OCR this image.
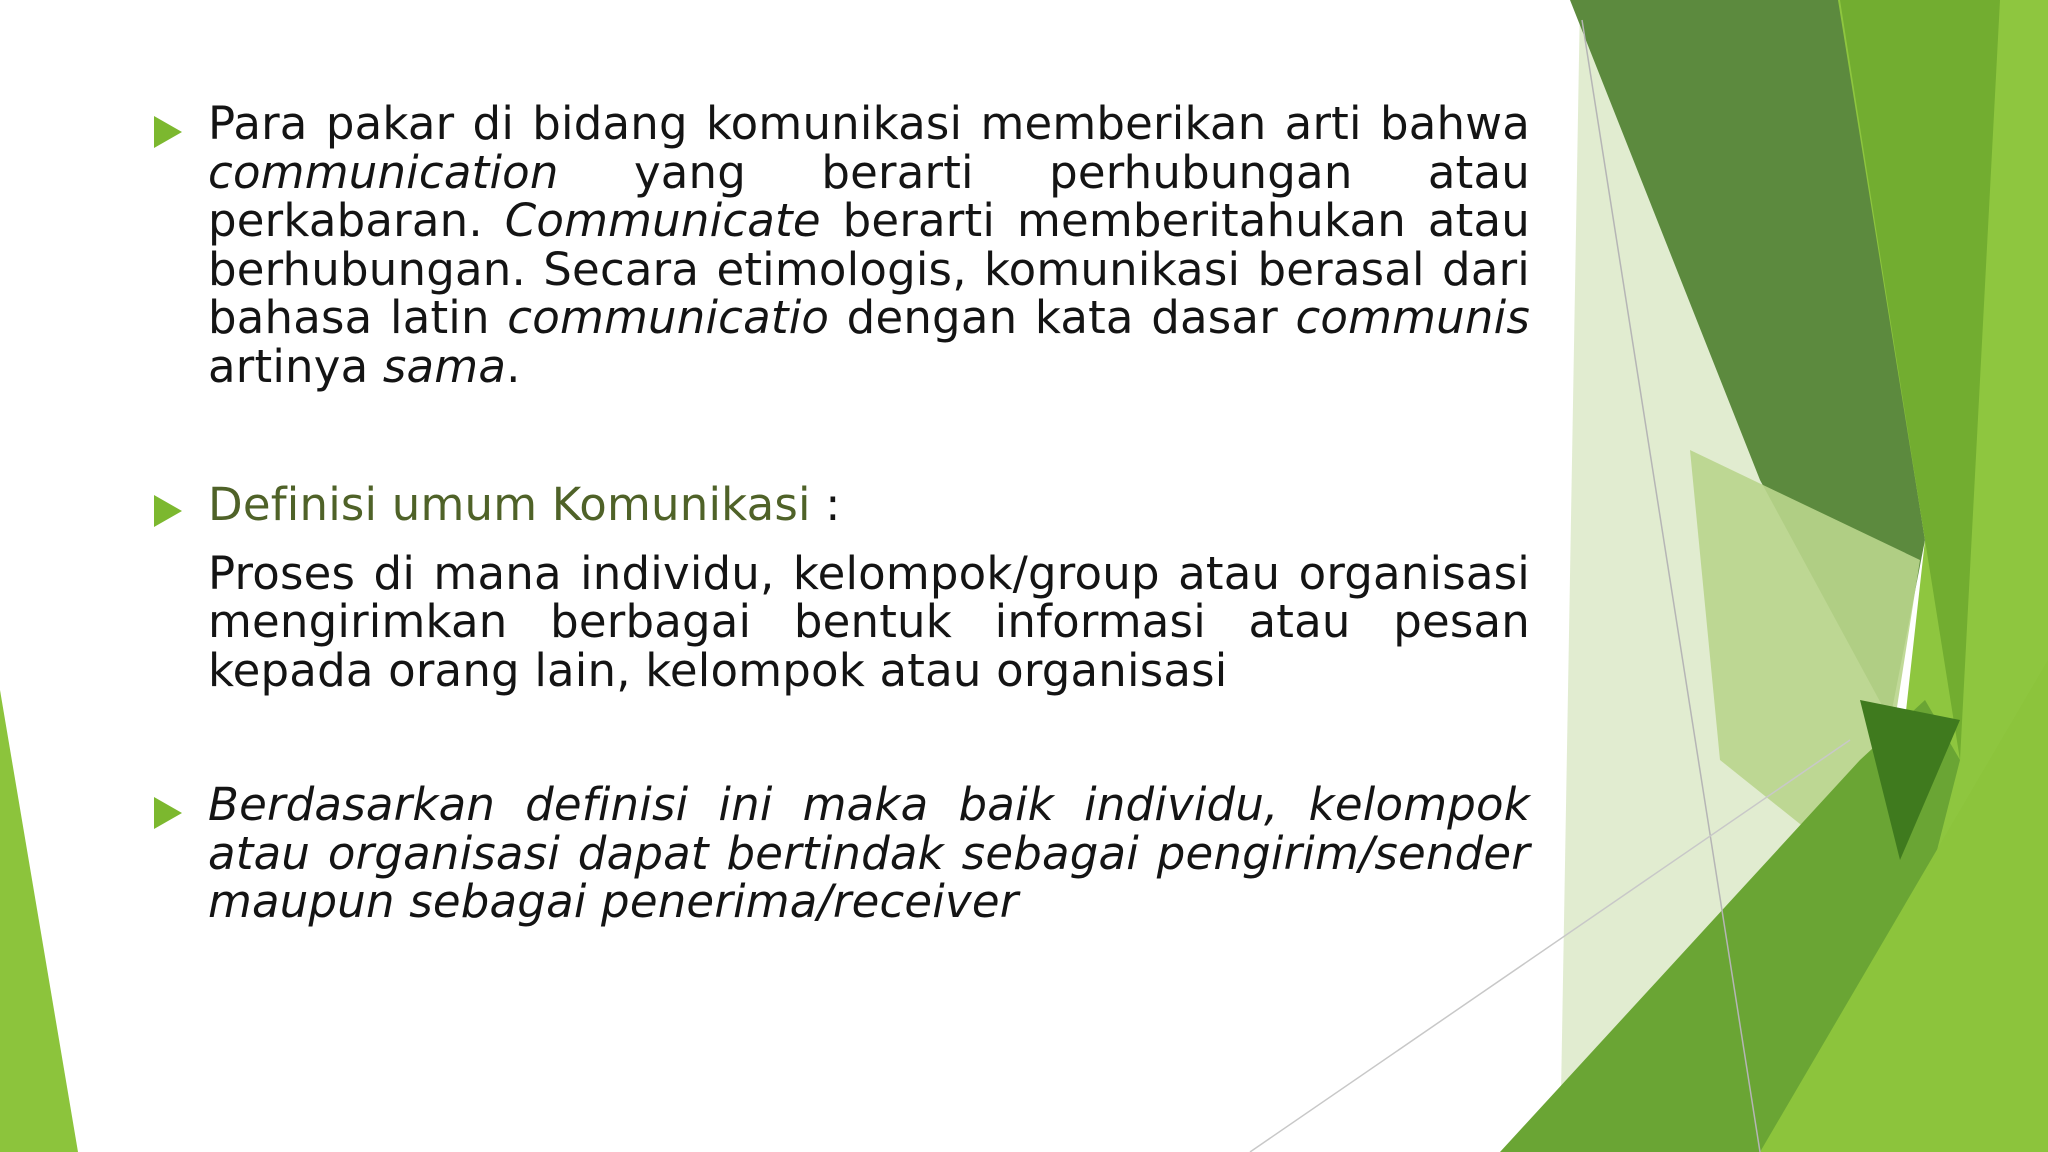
Para pakar di bidang komunikasi memberikan arti bahwa communication yang berarti perhubungan atau perkabaran. Communicate berarti memberitahukan atau berhubungan. Secara etimologis, komunikasi berasal dari bahasa latin communicatio dengan kata dasar communis artinya sama.

Definisi umum Komunikasi :

Proses di mana individu, kelompok/group atau organisasi mengirimkan berbagai bentuk informasi atau pesan kepada orang lain, kelompok atau organisasi

Berdasarkan definisi ini maka baik individu, kelompok atau organisasi dapat bertindak sebagai pengirim/sender maupun sebagai penerima/receiver
